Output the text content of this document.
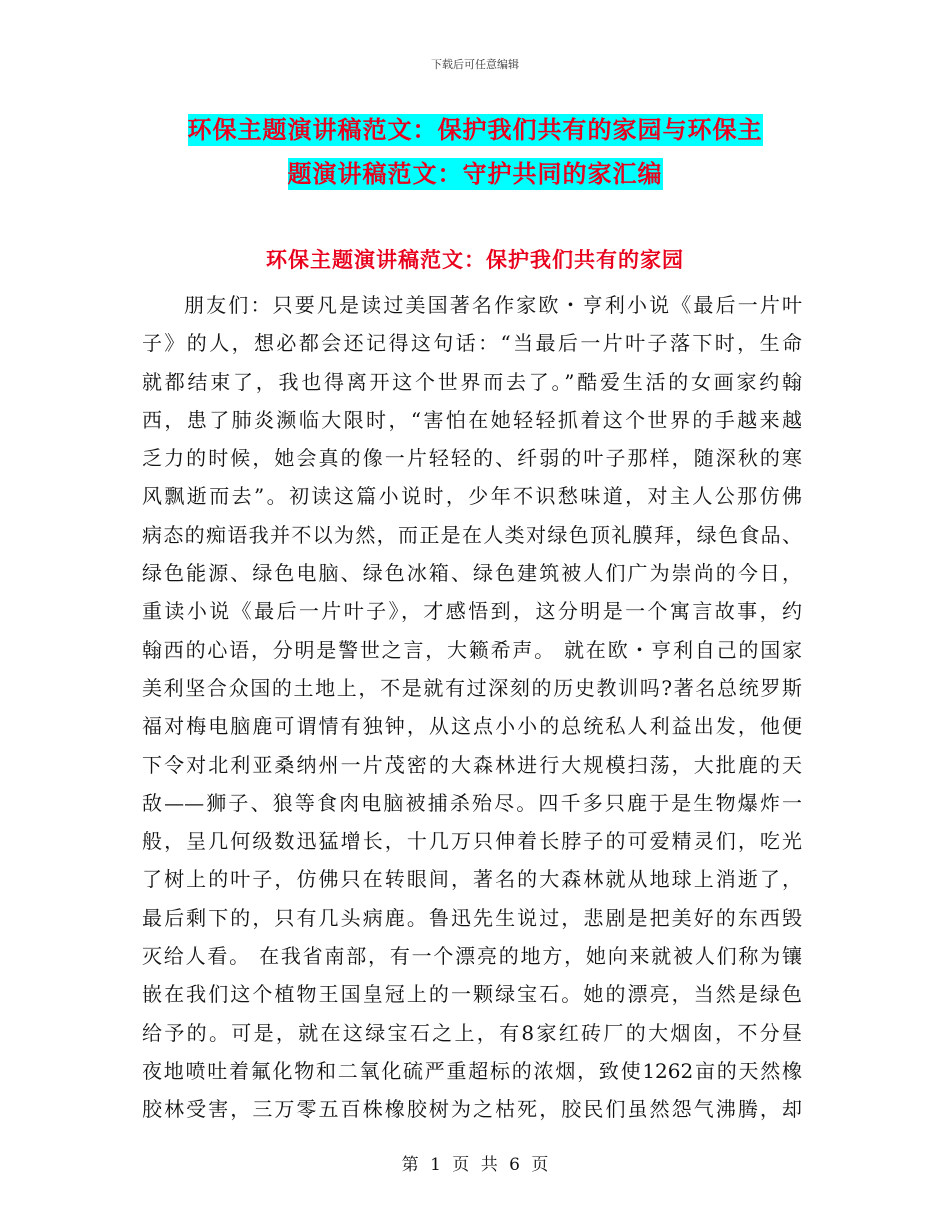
下载后可任意编辑
环保主题演讲稿范文：保护我们共有的家园与环保主
题演讲稿范文：守护共同的家汇编
环保主题演讲稿范文：保护我们共有的家园
朋友们：只要凡是读过美国著名作家欧・亨利小说《最后一片叶
子》的人，想必都会还记得这句话：“当最后一片叶子落下时，生命
就都结束了，我也得离开这个世界而去了。”酷爱生活的女画家约翰
西，患了肺炎濒临大限时，“害怕在她轻轻抓着这个世界的手越来越
乏力的时候，她会真的像一片轻轻的、纤弱的叶子那样，随深秋的寒
风飘逝而去”。初读这篇小说时，少年不识愁味道，对主人公那仿佛
病态的痴语我并不以为然，而正是在人类对绿色顶礼膜拜，绿色食品、
绿色能源、绿色电脑、绿色冰箱、绿色建筑被人们广为崇尚的今日，
重读小说《最后一片叶子》，才感悟到，这分明是一个寓言故事，约
翰西的心语，分明是警世之言，大籁希声。 就在欧・亨利自己的国家
美利坚合众国的土地上，不是就有过深刻的历史教训吗?著名总统罗斯
福对梅电脑鹿可谓情有独钟，从这点小小的总统私人利益出发，他便
下令对北利亚桑纳州一片茂密的大森林进行大规模扫荡，大批鹿的天
敌——狮子、狼等食肉电脑被捕杀殆尽。四千多只鹿于是生物爆炸一
般，呈几何级数迅猛增长，十几万只伸着长脖子的可爱精灵们，吃光
了树上的叶子，仿佛只在转眼间，著名的大森林就从地球上消逝了，
最后剩下的，只有几头病鹿。鲁迅先生说过，悲剧是把美好的东西毁
灭给人看。 在我省南部，有一个漂亮的地方，她向来就被人们称为镶
嵌在我们这个植物王国皇冠上的一颗绿宝石。她的漂亮，当然是绿色
给予的。可是，就在这绿宝石之上，有8家红砖厂的大烟囱，不分昼
夜地喷吐着氟化物和二氧化硫严重超标的浓烟，致使1262亩的天然橡
胶林受害，三万零五百株橡胶树为之枯死，胶民们虽然怨气沸腾，却
第 1 页 共 6 页
